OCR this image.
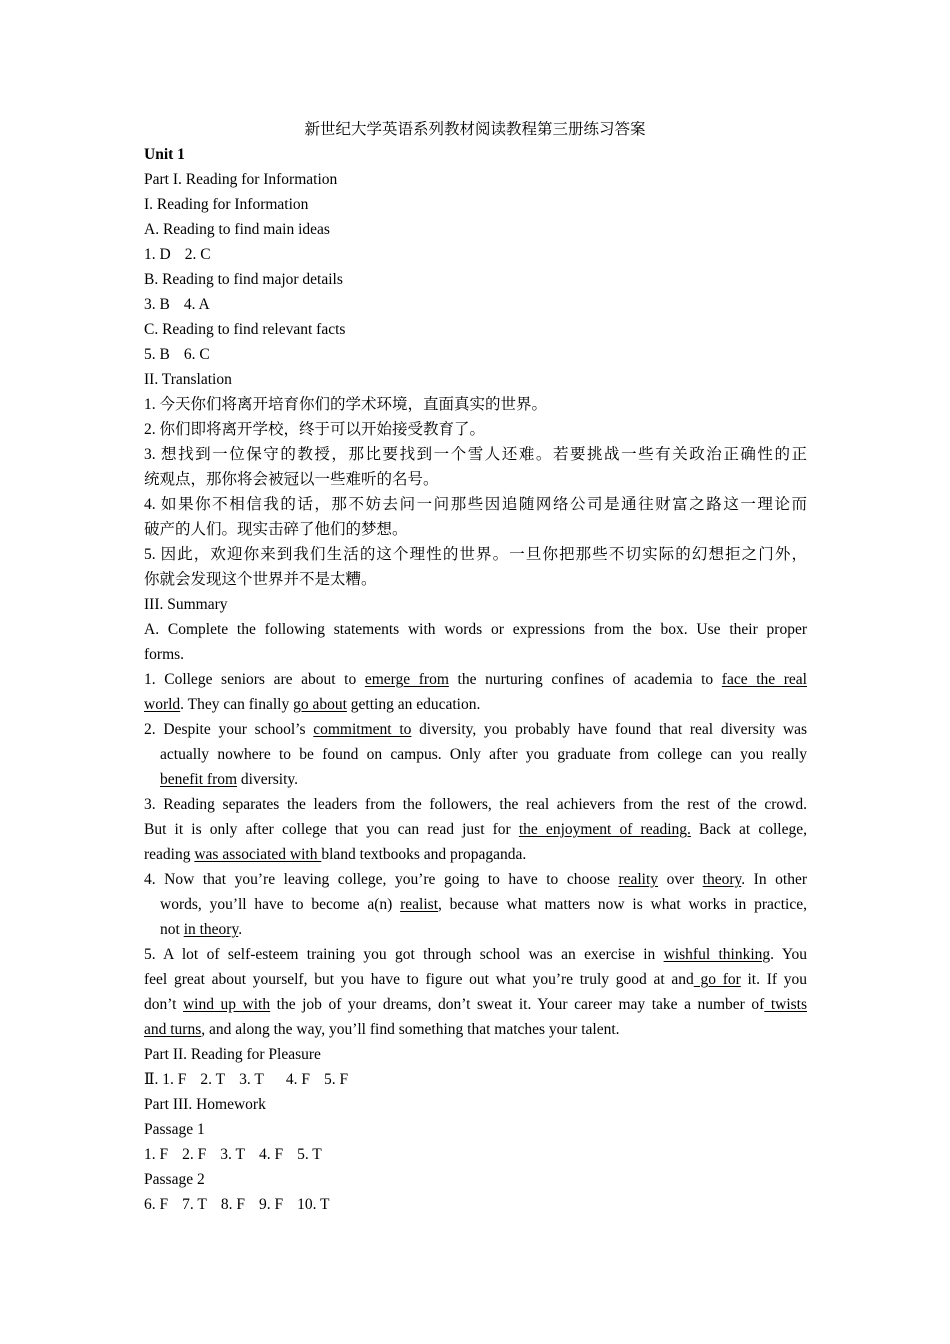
新世纪大学英语系列教材阅读教程第三册练习答案
Unit 1
Part I. Reading for Information
I. Reading for Information
A. Reading to find main ideas
1. D 2. C
B. Reading to find major details
3. B 4. A
C. Reading to find relevant facts
5. B 6. C
II. Translation
1. 今天你们将离开培育你们的学术环境，直面真实的世界。
2. 你们即将离开学校，终于可以开始接受教育了。
3. 想找到一位保守的教授，那比要找到一个雪人还难。若要挑战一些有关政治正确性的正
统观点，那你将会被冠以一些难听的名号。
4. 如果你不相信我的话，那不妨去问一问那些因追随网络公司是通往财富之路这一理论而
破产的人们。现实击碎了他们的梦想。
5. 因此，欢迎你来到我们生活的这个理性的世界。一旦你把那些不切实际的幻想拒之门外，
你就会发现这个世界并不是太糟。
III. Summary
A. Complete the following statements with words or expressions from the box. Use their proper
forms.
1. College seniors are about to emerge from the nurturing confines of academia to face the real
world. They can finally go about getting an education.
2. Despite your school’s commitment to diversity, you probably have found that real diversity was
actually nowhere to be found on campus. Only after you graduate from college can you really
benefit from diversity.
3. Reading separates the leaders from the followers, the real achievers from the rest of the crowd.
But it is only after college that you can read just for the enjoyment of reading. Back at college,
reading was associated with bland textbooks and propaganda.
4. Now that you’re leaving college, you’re going to have to choose reality over theory. In other
words, you’ll have to become a(n) realist, because what matters now is what works in practice,
not in theory.
5. A lot of self-esteem training you got through school was an exercise in wishful thinking. You
feel great about yourself, but you have to figure out what you’re truly good at and go for it. If you
don’t wind up with the job of your dreams, don’t sweat it. Your career may take a number of twists
and turns, and along the way, you’ll find something that matches your talent.
Part II. Reading for Pleasure
Ⅱ. 1. F 2. T 3. T 4. F 5. F
Part III. Homework
Passage 1
1. F 2. F 3. T 4. F 5. T
Passage 2
6. F 7. T 8. F 9. F 10. T
